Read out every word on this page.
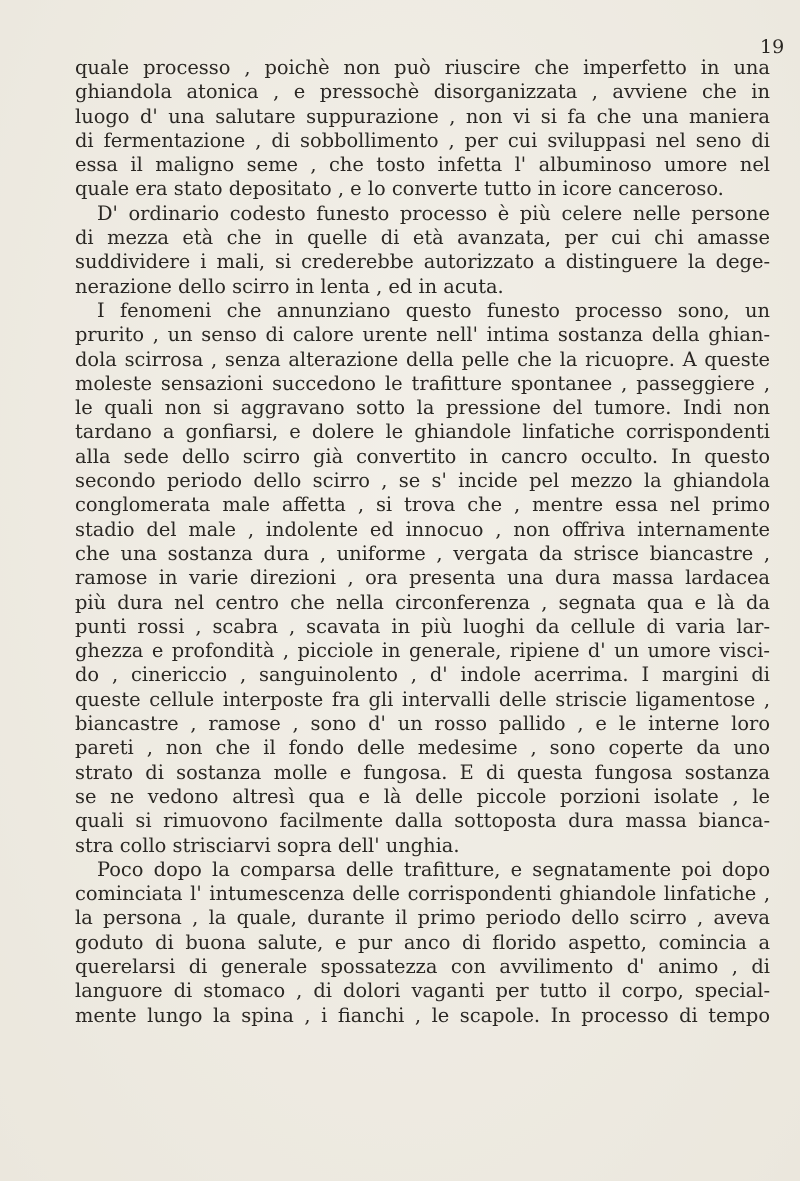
19
quale processo , poichè non può riuscire che imperfetto in una
ghiandola atonica , e pressochè disorganizzata , avviene che in
luogo d' una salutare suppurazione , non vi si fa che una maniera
di fermentazione , di sobbollimento , per cui sviluppasi nel seno di
essa il maligno seme , che tosto infetta l' albuminoso umore nel
quale era stato depositato , e lo converte tutto in icore canceroso.
D' ordinario codesto funesto processo è più celere nelle persone
di mezza età che in quelle di età avanzata, per cui chi amasse
suddividere i mali, si crederebbe autorizzato a distinguere la dege-
nerazione dello scirro in lenta , ed in acuta.
I fenomeni che annunziano questo funesto processo sono, un
prurito , un senso di calore urente nell' intima sostanza della ghian-
dola scirrosa , senza alterazione della pelle che la ricuopre. A queste
moleste sensazioni succedono le trafitture spontanee , passeggiere ,
le quali non si aggravano sotto la pressione del tumore. Indi non
tardano a gonfiarsi, e dolere le ghiandole linfatiche corrispondenti
alla sede dello scirro già convertito in cancro occulto. In questo
secondo periodo dello scirro , se s' incide pel mezzo la ghiandola
conglomerata male affetta , si trova che , mentre essa nel primo
stadio del male , indolente ed innocuo , non offriva internamente
che una sostanza dura , uniforme , vergata da strisce biancastre ,
ramose in varie direzioni , ora presenta una dura massa lardacea
più dura nel centro che nella circonferenza , segnata qua e là da
punti rossi , scabra , scavata in più luoghi da cellule di varia lar-
ghezza e profondità , picciole in generale, ripiene d' un umore visci-
do , cinericcio , sanguinolento , d' indole acerrima. I margini di
queste cellule interposte fra gli intervalli delle striscie ligamentose ,
biancastre , ramose , sono d' un rosso pallido , e le interne loro
pareti , non che il fondo delle medesime , sono coperte da uno
strato di sostanza molle e fungosa. E di questa fungosa sostanza
se ne vedono altresì qua e là delle piccole porzioni isolate , le
quali si rimuovono facilmente dalla sottoposta dura massa bianca-
stra collo strisciarvi sopra dell' unghia.
Poco dopo la comparsa delle trafitture, e segnatamente poi dopo
cominciata l' intumescenza delle corrispondenti ghiandole linfatiche ,
la persona , la quale, durante il primo periodo dello scirro , aveva
goduto di buona salute, e pur anco di florido aspetto, comincia a
querelarsi di generale spossatezza con avvilimento d' animo , di
languore di stomaco , di dolori vaganti per tutto il corpo, special-
mente lungo la spina , i fianchi , le scapole. In processo di tempo
